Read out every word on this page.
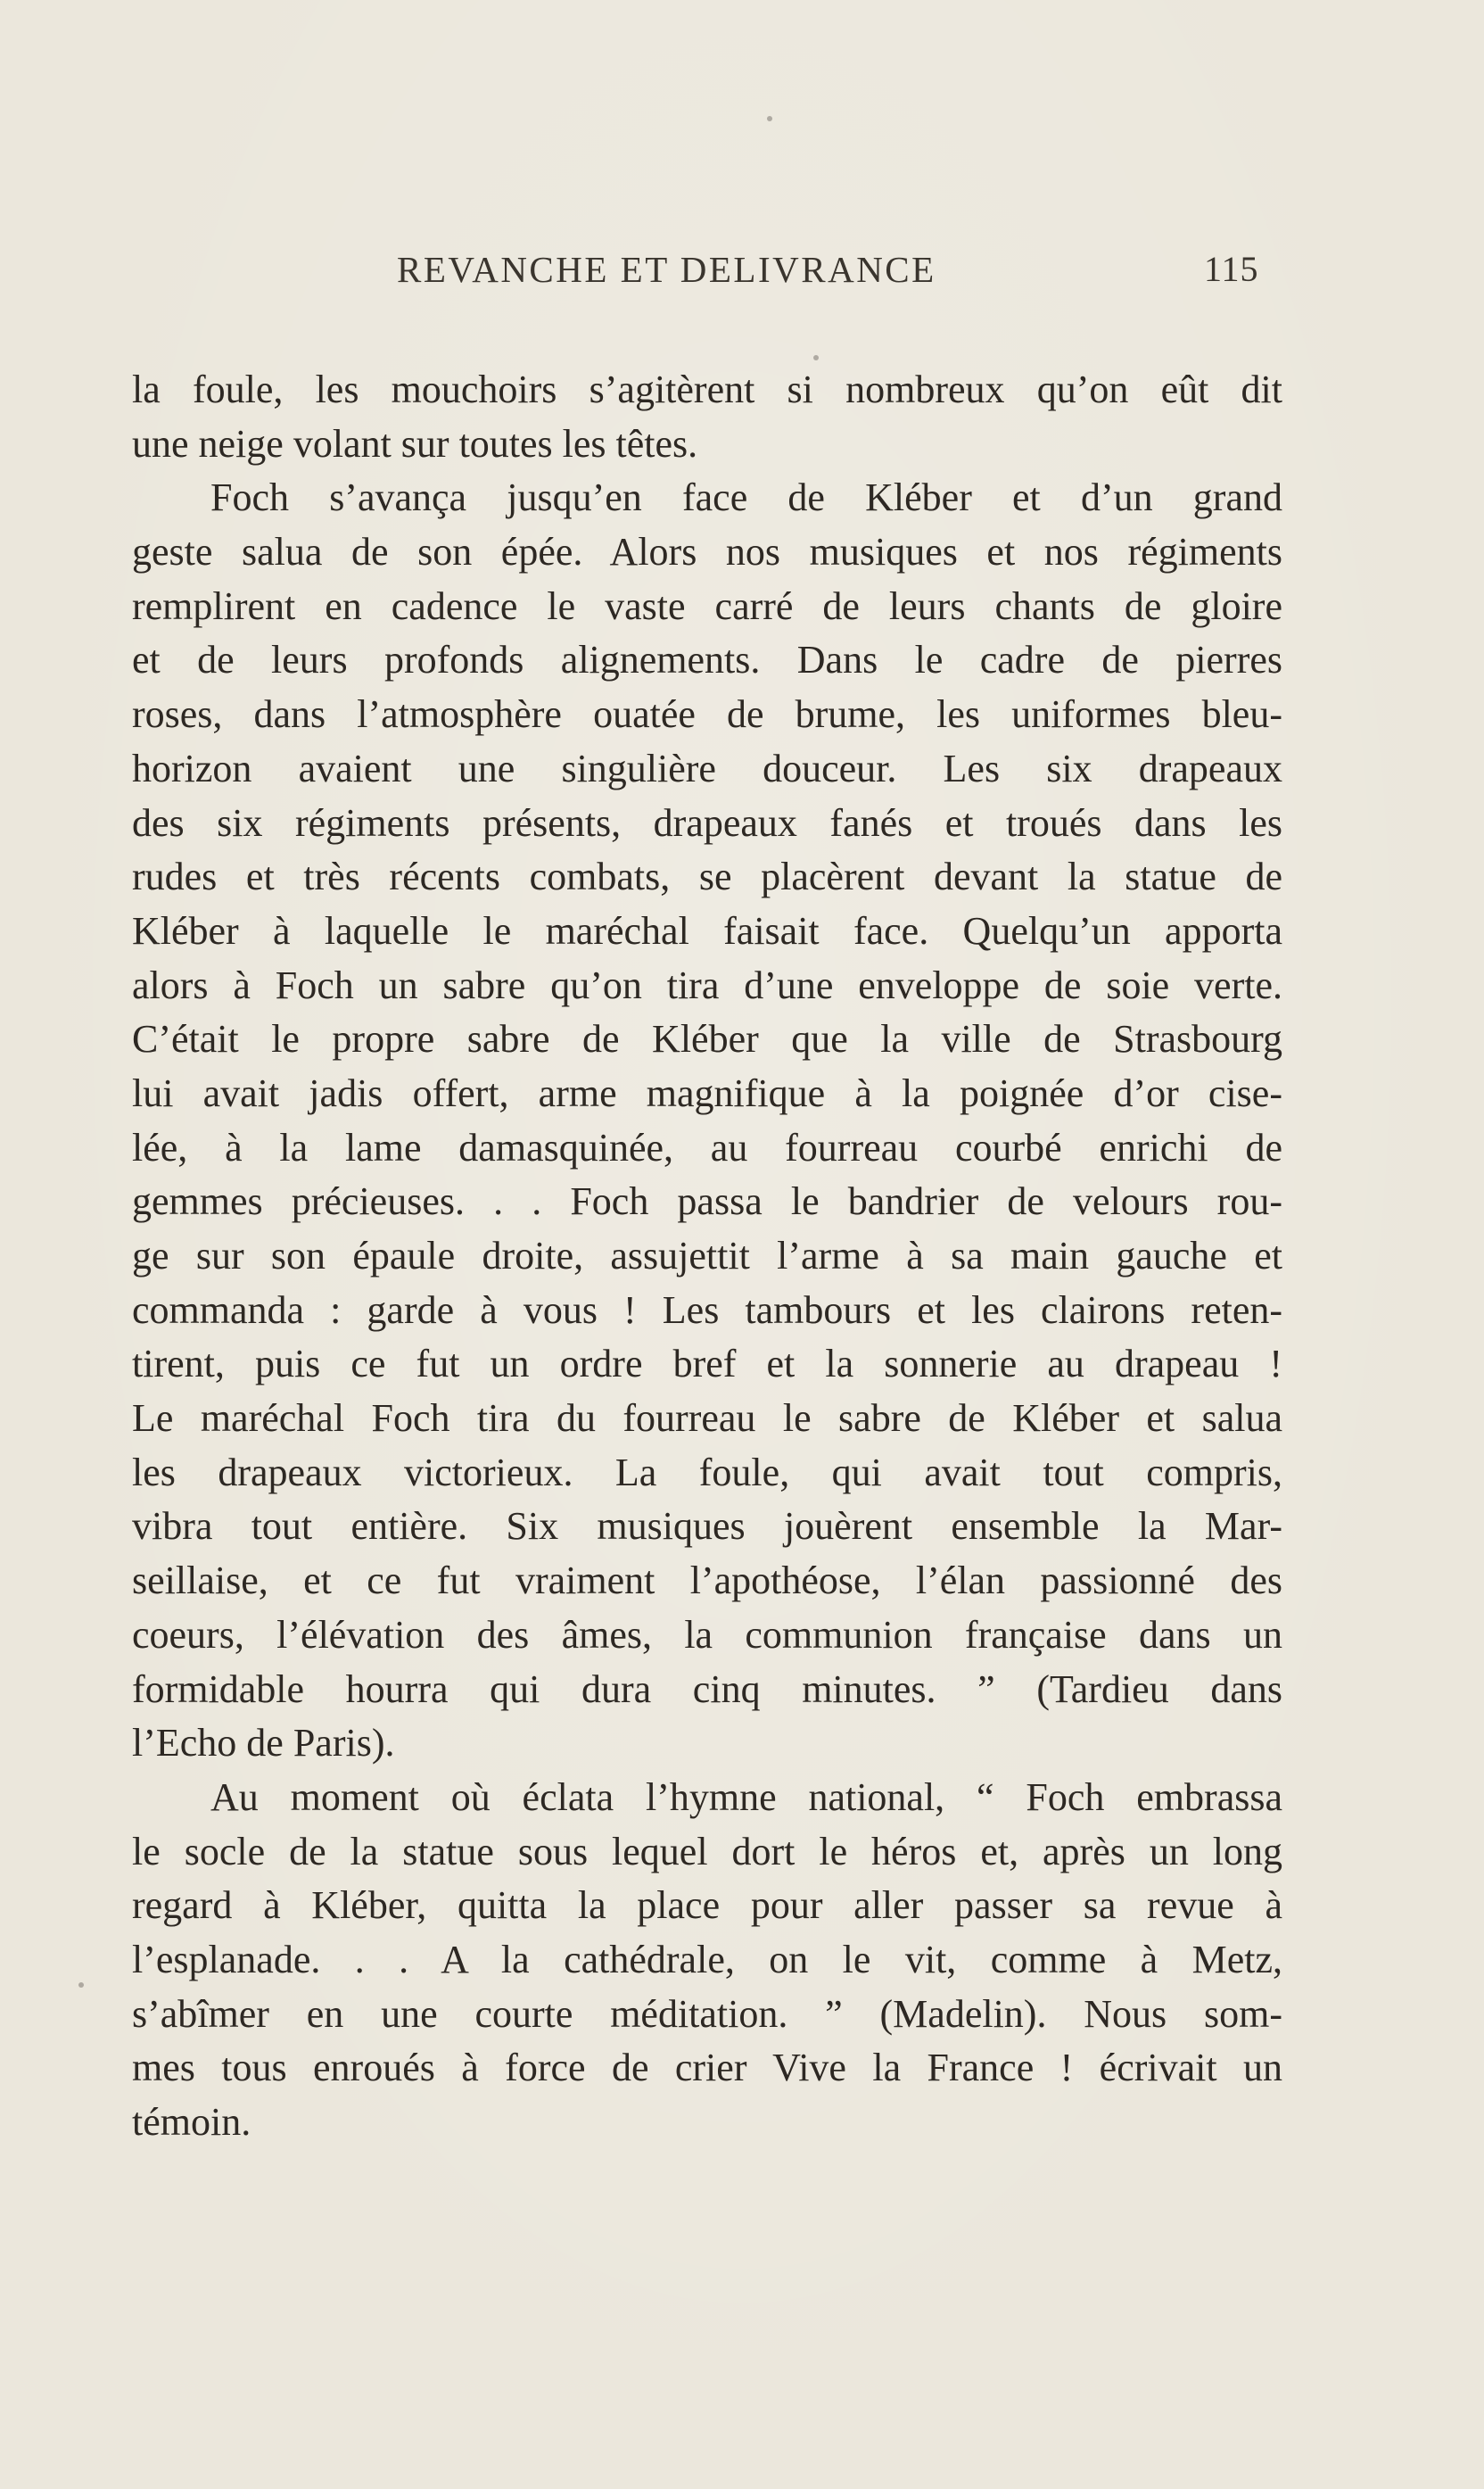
REVANCHE ET DELIVRANCE	115
la foule, les mouchoirs s’agitèrent si nombreux qu’on eût dit
une neige volant sur toutes les têtes.
Foch s’avança jusqu’en face de Kléber et d’un grand
geste salua de son épée. Alors nos musiques et nos régiments
remplirent en cadence le vaste carré de leurs chants de gloire
et de leurs profonds alignements. Dans le cadre de pierres
roses, dans l’atmosphère ouatée de brume, les uniformes bleu-
horizon avaient une singulière douceur. Les six drapeaux
des six régiments présents, drapeaux fanés et troués dans les
rudes et très récents combats, se placèrent devant la statue de
Kléber à laquelle le maréchal faisait face. Quelqu’un apporta
alors à Foch un sabre qu’on tira d’une enveloppe de soie verte.
C’était le propre sabre de Kléber que la ville de Strasbourg
lui avait jadis offert, arme magnifique à la poignée d’or cise-
lée, à la lame damasquinée, au fourreau courbé enrichi de
gemmes précieuses. . . Foch passa le bandrier de velours rou-
ge sur son épaule droite, assujettit l’arme à sa main gauche et
commanda : garde à vous ! Les tambours et les clairons reten-
tirent, puis ce fut un ordre bref et la sonnerie au drapeau !
Le maréchal Foch tira du fourreau le sabre de Kléber et salua
les drapeaux victorieux. La foule, qui avait tout compris,
vibra tout entière. Six musiques jouèrent ensemble la Mar-
seillaise, et ce fut vraiment l’apothéose, l’élan passionné des
coeurs, l’élévation des âmes, la communion française dans un
formidable hourra qui dura cinq minutes. ” (Tardieu dans
l’Echo de Paris).
Au moment où éclata l’hymne national, “ Foch embrassa
le socle de la statue sous lequel dort le héros et, après un long
regard à Kléber, quitta la place pour aller passer sa revue à
l’esplanade. . . A la cathédrale, on le vit, comme à Metz,
s’abîmer en une courte méditation. ” (Madelin). Nous som-
mes tous enroués à force de crier Vive la France ! écrivait un
témoin.
